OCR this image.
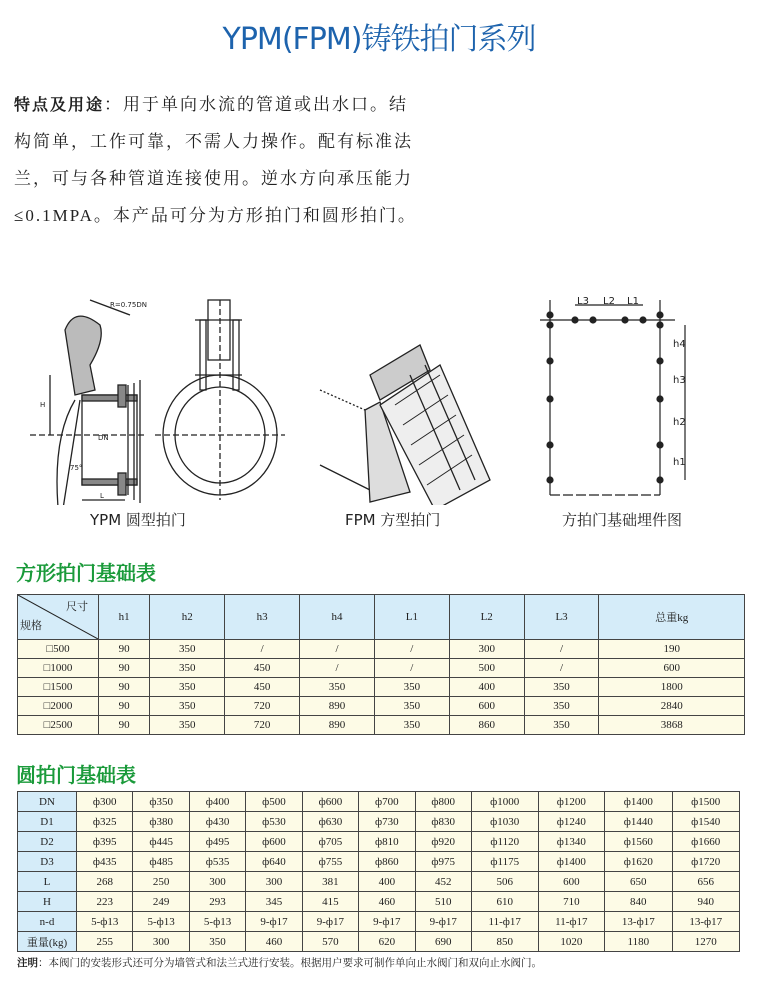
YPM(FPM)铸铁拍门系列
特点及用途：用于单向水流的管道或出水口。结构简单，工作可靠，不需人力操作。配有标准法兰，可与各种管道连接使用。逆水方向承压能力≤0.1MPA。本产品可分为方形拍门和圆形拍门。
R=0.75DN
H
DN
75°
L
YPM 圆型拍门	FPM 方型拍门
L3 L2 L1
h4
h3
h2
h1
方拍门基础埋件图
方形拍门基础表
尺寸
规格	h1	h2	h3	h4	L1	L2	L3	总重kg
□500	90	350	/	/	/	300	/	190
□1000	90	350	450	/	/	500	/	600
□1500	90	350	450	350	350	400	350	1800
□2000	90	350	720	890	350	600	350	2840
□2500	90	350	720	890	350	860	350	3868
圆拍门基础表
DN	ф300	ф350	ф400	ф500	ф600	ф700	ф800	ф1000	ф1200	ф1400	ф1500
D1	ф325	ф380	ф430	ф530	ф630	ф730	ф830	ф1030	ф1240	ф1440	ф1540
D2	ф395	ф445	ф495	ф600	ф705	ф810	ф920	ф1120	ф1340	ф1560	ф1660
D3	ф435	ф485	ф535	ф640	ф755	ф860	ф975	ф1175	ф1400	ф1620	ф1720
L	268	250	300	300	381	400	452	506	600	650	656
H	223	249	293	345	415	460	510	610	710	840	940
n-d	5-ф13	5-ф13	5-ф13	9-ф17	9-ф17	9-ф17	9-ф17	11-ф17	11-ф17	13-ф17	13-ф17
重量(kg)	255	300	350	460	570	620	690	850	1020	1180	1270
注明：本阀门的安装形式还可分为墙管式和法兰式进行安装。根据用户要求可制作单向止水阀门和双向止水阀门。
